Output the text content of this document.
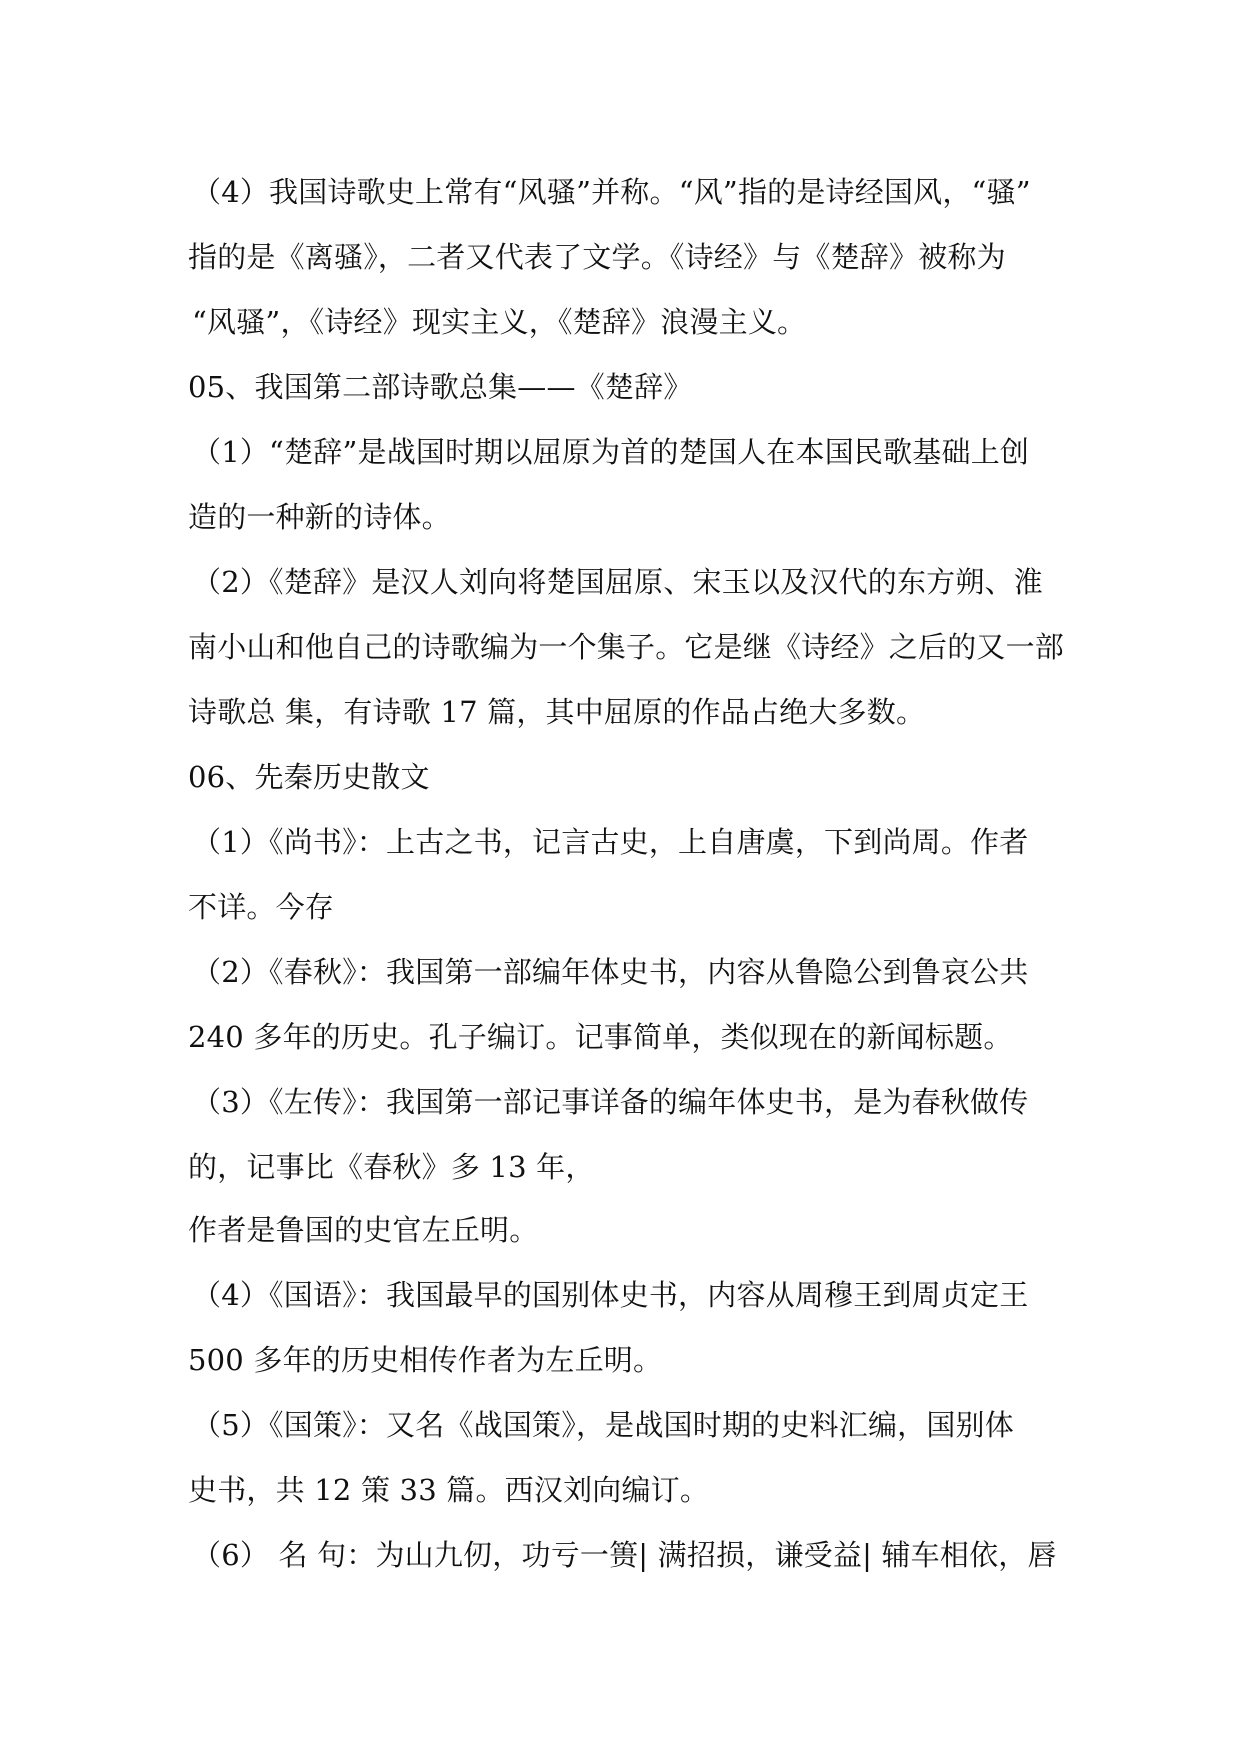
（4）我国诗歌史上常有“风骚”并称。“风”指的是诗经国风，“骚”
指的是《离骚》，二者又代表了文学。《诗经》与《楚辞》被称为
“风骚”，《诗经》现实主义，《楚辞》浪漫主义。
05、我国第二部诗歌总集——《楚辞》
（1）“楚辞”是战国时期以屈原为首的楚国人在本国民歌基础上创
造的一种新的诗体。
（2）《楚辞》是汉人刘向将楚国屈原、宋玉以及汉代的东方朔、淮
南小山和他自己的诗歌编为一个集子。它是继《诗经》之后的又一部
诗歌总 集，有诗歌 17 篇，其中屈原的作品占绝大多数。
06、先秦历史散文
（1）《尚书》：上古之书，记言古史，上自唐虞，下到尚周。作者
不详。今存
（2）《春秋》：我国第一部编年体史书，内容从鲁隐公到鲁哀公共
240 多年的历史。孔子编订。记事简单，类似现在的新闻标题。
（3）《左传》：我国第一部记事详备的编年体史书，是为春秋做传
的，记事比《春秋》多 13 年，
作者是鲁国的史官左丘明。
（4）《国语》：我国最早的国别体史书，内容从周穆王到周贞定王
500 多年的历史相传作者为左丘明。
（5）《国策》：又名《战国策》，是战国时期的史料汇编，国别体
史书，共 12 策 33 篇。西汉刘向编订。
（6） 名 句：为山九仞，功亏一篑| 满招损，谦受益| 辅车相依，唇
